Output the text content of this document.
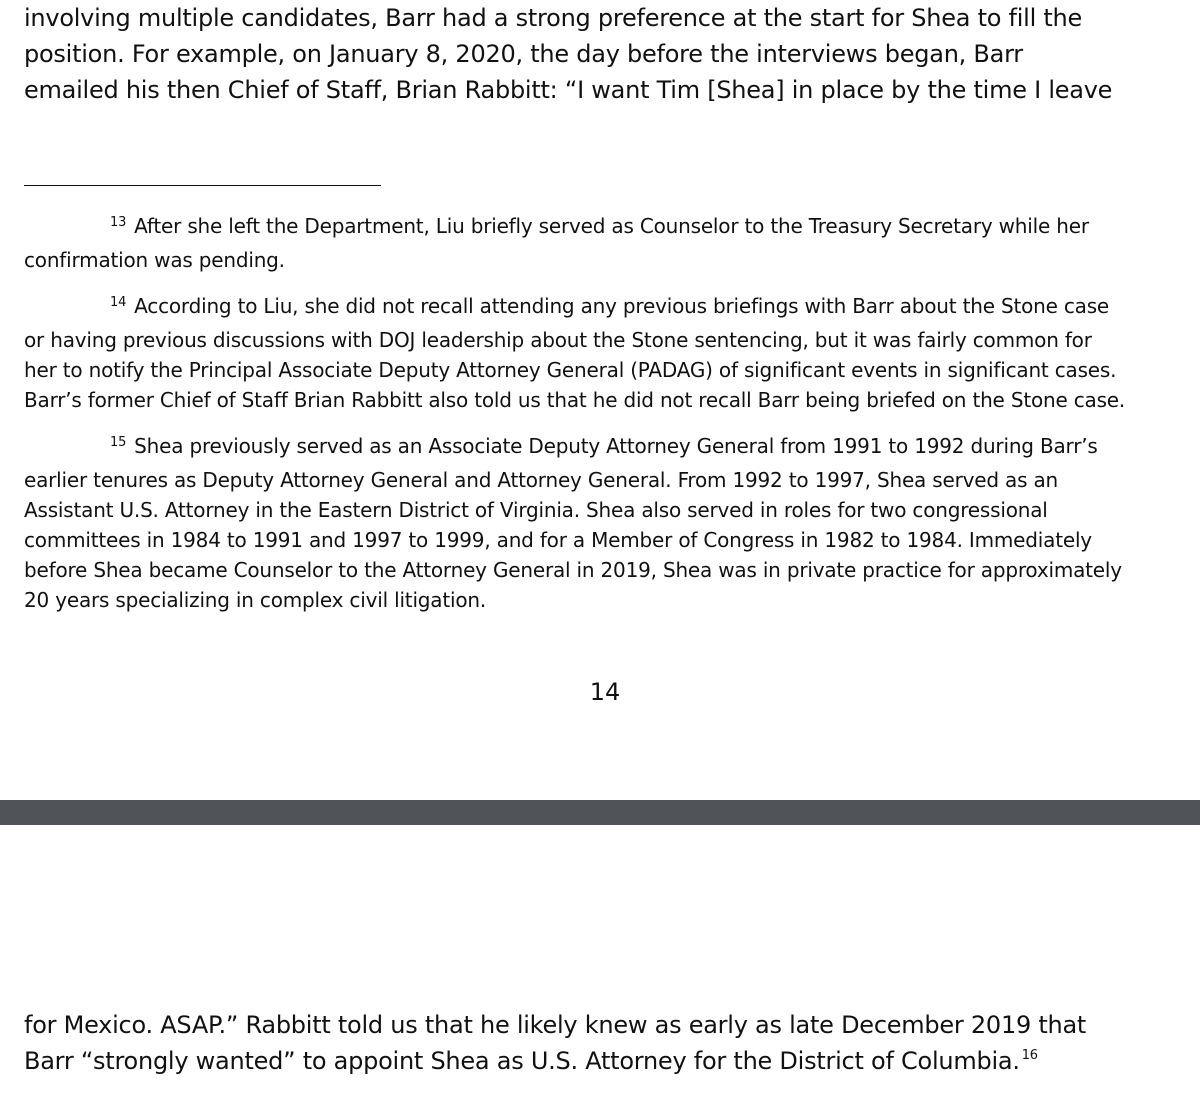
involving multiple candidates, Barr had a strong preference at the start for Shea to fill the
position. For example, on January 8, 2020, the day before the interviews began, Barr
emailed his then Chief of Staff, Brian Rabbitt: “I want Tim [Shea] in place by the time I leave
$^{13}$ After she left the Department, Liu briefly served as Counselor to the Treasury Secretary while her
confirmation was pending.
$^{14}$ According to Liu, she did not recall attending any previous briefings with Barr about the Stone case
or having previous discussions with DOJ leadership about the Stone sentencing, but it was fairly common for
her to notify the Principal Associate Deputy Attorney General (PADAG) of significant events in significant cases.
Barr’s former Chief of Staff Brian Rabbitt also told us that he did not recall Barr being briefed on the Stone case.
$^{15}$ Shea previously served as an Associate Deputy Attorney General from 1991 to 1992 during Barr’s
earlier tenures as Deputy Attorney General and Attorney General. From 1992 to 1997, Shea served as an
Assistant U.S. Attorney in the Eastern District of Virginia. Shea also served in roles for two congressional
committees in 1984 to 1991 and 1997 to 1999, and for a Member of Congress in 1982 to 1984. Immediately
before Shea became Counselor to the Attorney General in 2019, Shea was in private practice for approximately
20 years specializing in complex civil litigation.
14
for Mexico. ASAP.” Rabbitt told us that he likely knew as early as late December 2019 that
Barr “strongly wanted” to appoint Shea as U.S. Attorney for the District of Columbia. $^{16}$
